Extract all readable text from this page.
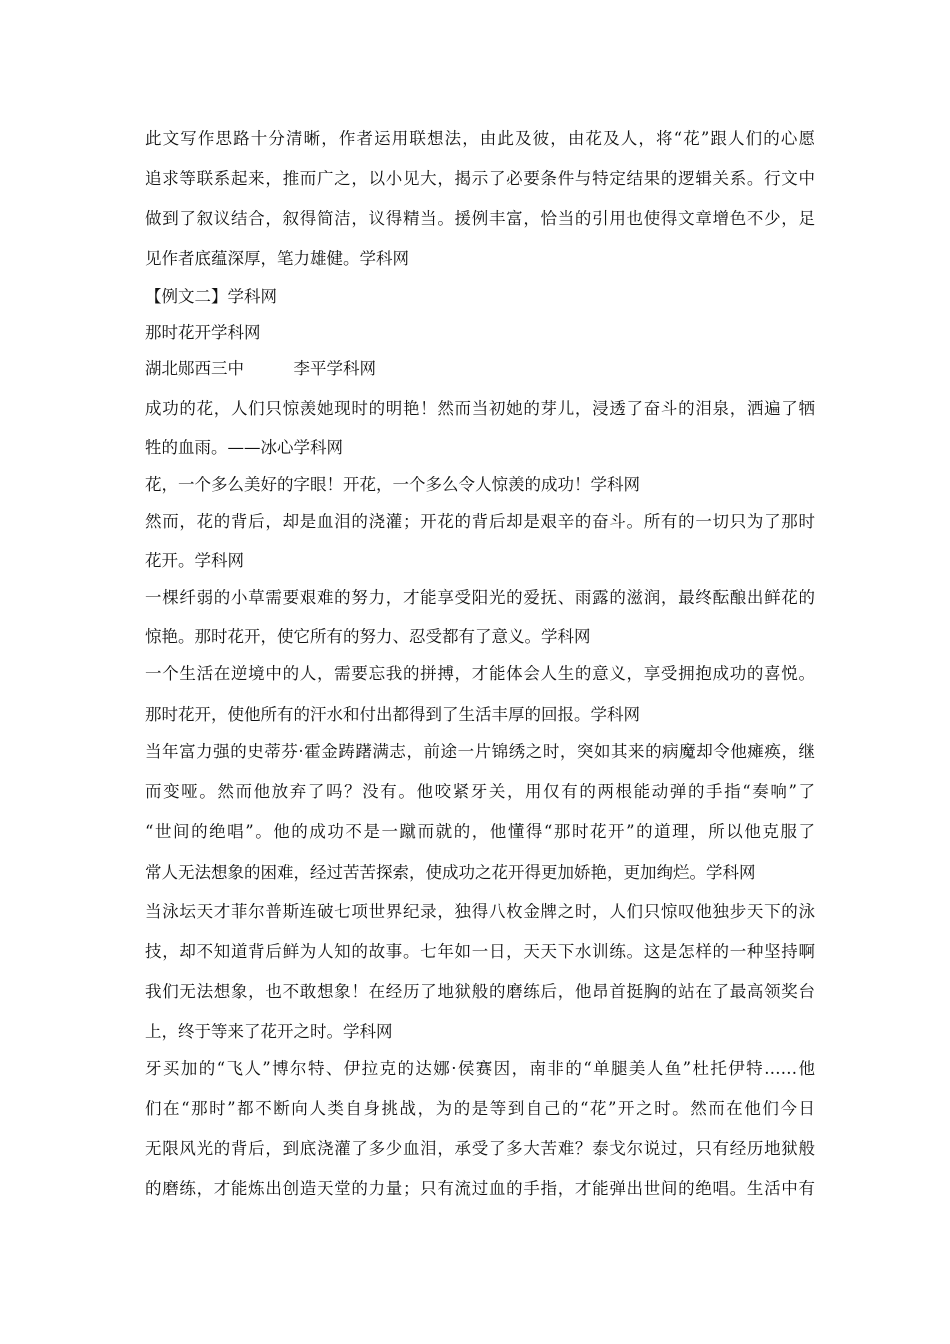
此文写作思路十分清晰，作者运用联想法，由此及彼，由花及人，将“花”跟人们的心愿
追求等联系起来，推而广之，以小见大，揭示了必要条件与特定结果的逻辑关系。行文中
做到了叙议结合，叙得简洁，议得精当。援例丰富，恰当的引用也使得文章增色不少，足
见作者底蕴深厚，笔力雄健。学科网
【例文二】学科网
那时花开学科网
湖北郧西三中　　　李平学科网
成功的花，人们只惊羡她现时的明艳！然而当初她的芽儿，浸透了奋斗的泪泉，洒遍了牺
牲的血雨。——冰心学科网
花，一个多么美好的字眼！开花，一个多么令人惊羡的成功！学科网
然而，花的背后，却是血泪的浇灌；开花的背后却是艰辛的奋斗。所有的一切只为了那时
花开。学科网
一棵纤弱的小草需要艰难的努力，才能享受阳光的爱抚、雨露的滋润，最终酝酿出鲜花的
惊艳。那时花开，使它所有的努力、忍受都有了意义。学科网
一个生活在逆境中的人，需要忘我的拼搏，才能体会人生的意义，享受拥抱成功的喜悦。
那时花开，使他所有的汗水和付出都得到了生活丰厚的回报。学科网
当年富力强的史蒂芬·霍金踌躇满志，前途一片锦绣之时，突如其来的病魔却令他瘫痪，继
而变哑。然而他放弃了吗？没有。他咬紧牙关，用仅有的两根能动弹的手指“奏响”了
“世间的绝唱”。他的成功不是一蹴而就的，他懂得“那时花开”的道理，所以他克服了
常人无法想象的困难，经过苦苦探索，使成功之花开得更加娇艳，更加绚烂。学科网
当泳坛天才菲尔普斯连破七项世界纪录，独得八枚金牌之时，人们只惊叹他独步天下的泳
技，却不知道背后鲜为人知的故事。七年如一日，天天下水训练。这是怎样的一种坚持啊
我们无法想象，也不敢想象！在经历了地狱般的磨练后，他昂首挺胸的站在了最高领奖台
上，终于等来了花开之时。学科网
牙买加的“飞人”博尔特、伊拉克的达娜·侯赛因，南非的“单腿美人鱼”杜托伊特……他
们在“那时”都不断向人类自身挑战，为的是等到自己的“花”开之时。然而在他们今日
无限风光的背后，到底浇灌了多少血泪，承受了多大苦难？泰戈尔说过，只有经历地狱般
的磨练，才能炼出创造天堂的力量；只有流过血的手指，才能弹出世间的绝唱。生活中有
